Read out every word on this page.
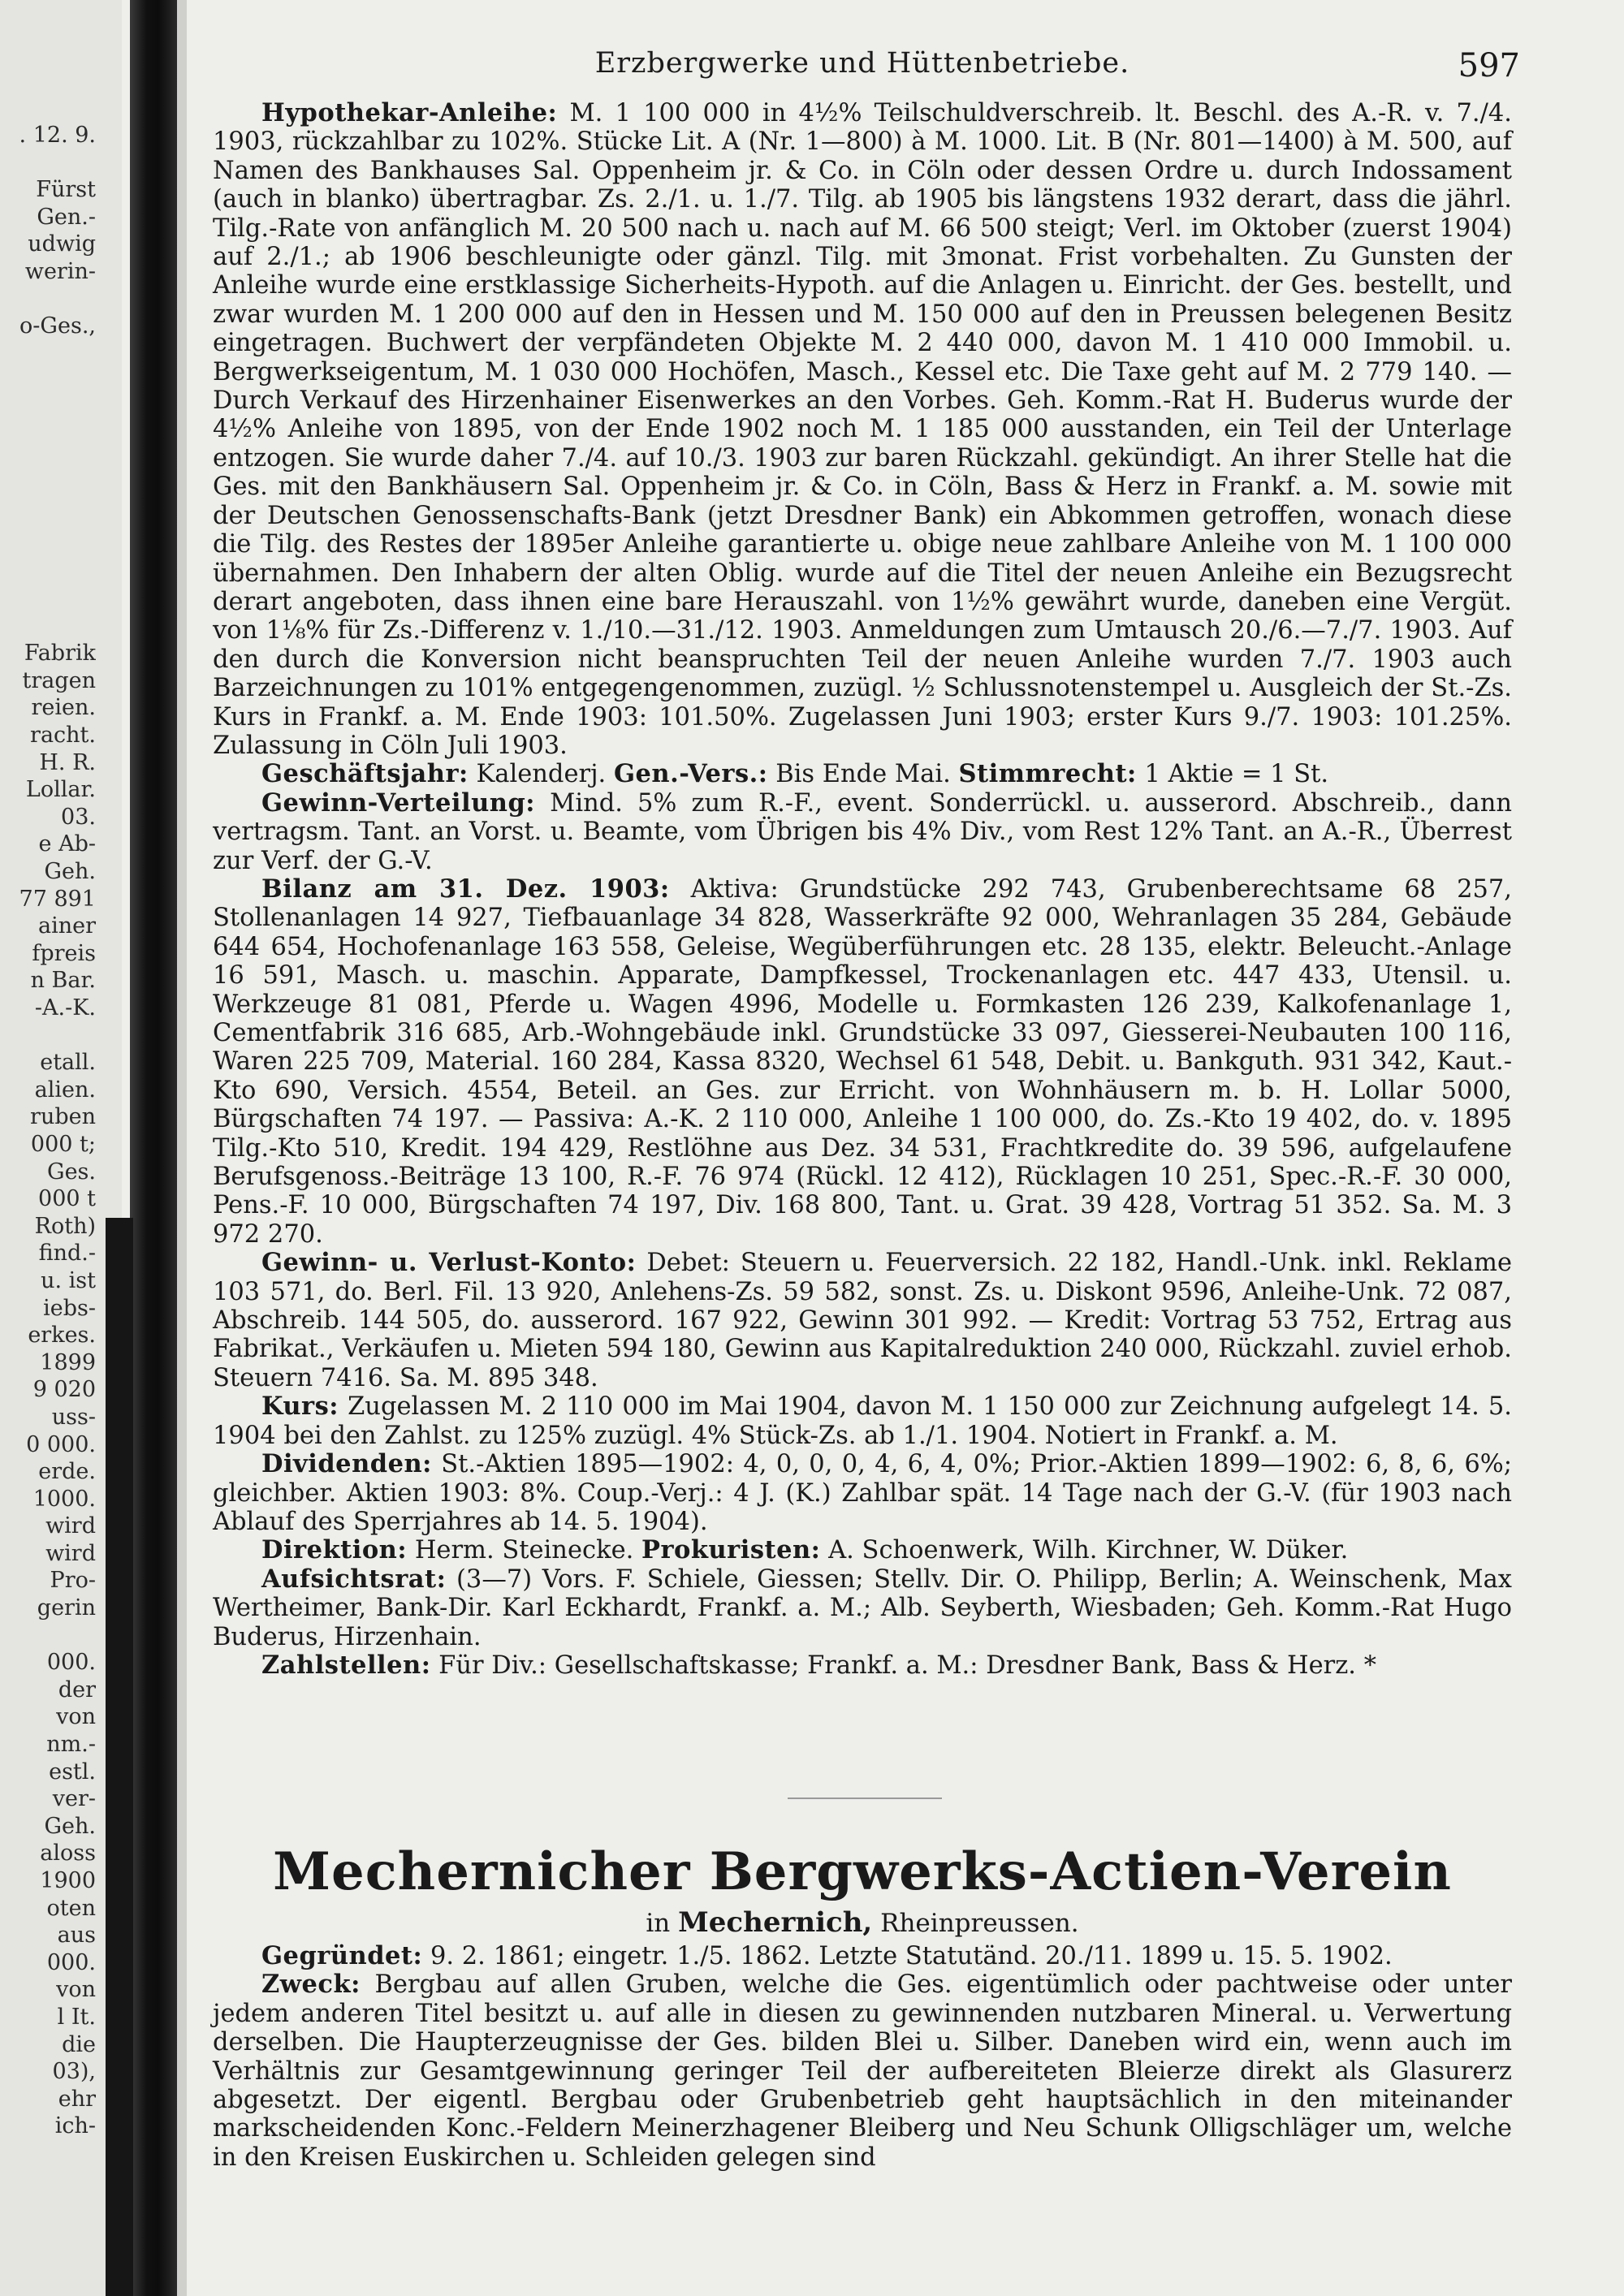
. 12. 9.
Fürst
Gen.-
udwig
werin-
o-Ges.,
Fabrik
tragen
reien.
racht.
H. R.
Lollar.
03.
e Ab-
Geh.
77 891
ainer
fpreis
n Bar.
-A.-K.
etall.
alien.
ruben
000 t;
Ges.
000 t
Roth)
find.-
u. ist
iebs-
erkes.
1899
9 020
uss-
0 000.
erde.
1000.
wird
wird
Pro-
gerin
000.
der
von
nm.-
estl.
ver-
Geh.
aloss
1900
oten
aus
000.
von
l It.
die
03),
ehr
ich-
Erzbergwerke und Hüttenbetriebe.	597

Hypothekar-Anleihe: M. 1 100 000 in 4½% Teilschuldverschreib. lt. Beschl. des A.-R. v. 7./4. 1903, rückzahlbar zu 102%. Stücke Lit. A (Nr. 1—800) à M. 1000. Lit. B (Nr. 801—1400) à M. 500, auf Namen des Bankhauses Sal. Oppenheim jr. & Co. in Cöln oder dessen Ordre u. durch Indossament (auch in blanko) übertragbar. Zs. 2./1. u. 1./7. Tilg. ab 1905 bis längstens 1932 derart, dass die jährl. Tilg.-Rate von anfänglich M. 20 500 nach u. nach auf M. 66 500 steigt; Verl. im Oktober (zuerst 1904) auf 2./1.; ab 1906 beschleunigte oder gänzl. Tilg. mit 3monat. Frist vorbehalten. Zu Gunsten der Anleihe wurde eine erstklassige Sicherheits-Hypoth. auf die Anlagen u. Einricht. der Ges. bestellt, und zwar wurden M. 1 200 000 auf den in Hessen und M. 150 000 auf den in Preussen belegenen Besitz eingetragen. Buchwert der verpfändeten Objekte M. 2 440 000, davon M. 1 410 000 Immobil. u. Bergwerkseigentum, M. 1 030 000 Hochöfen, Masch., Kessel etc. Die Taxe geht auf M. 2 779 140. — Durch Verkauf des Hirzenhainer Eisenwerkes an den Vorbes. Geh. Komm.-Rat H. Buderus wurde der 4½% Anleihe von 1895, von der Ende 1902 noch M. 1 185 000 ausstanden, ein Teil der Unterlage entzogen. Sie wurde daher 7./4. auf 10./3. 1903 zur baren Rückzahl. gekündigt. An ihrer Stelle hat die Ges. mit den Bankhäusern Sal. Oppenheim jr. & Co. in Cöln, Bass & Herz in Frankf. a. M. sowie mit der Deutschen Genossenschafts-Bank (jetzt Dresdner Bank) ein Abkommen getroffen, wonach diese die Tilg. des Restes der 1895er Anleihe garantierte u. obige neue zahlbare Anleihe von M. 1 100 000 übernahmen. Den Inhabern der alten Oblig. wurde auf die Titel der neuen Anleihe ein Bezugsrecht derart angeboten, dass ihnen eine bare Herauszahl. von 1½% gewährt wurde, daneben eine Vergüt. von 1⅛% für Zs.-Differenz v. 1./10.—31./12. 1903. Anmeldungen zum Umtausch 20./6.—7./7. 1903. Auf den durch die Konversion nicht beanspruchten Teil der neuen Anleihe wurden 7./7. 1903 auch Barzeichnungen zu 101% entgegengenommen, zuzügl. ½ Schlussnotenstempel u. Ausgleich der St.-Zs. Kurs in Frankf. a. M. Ende 1903: 101.50%. Zugelassen Juni 1903; erster Kurs 9./7. 1903: 101.25%. Zulassung in Cöln Juli 1903.

Geschäftsjahr: Kalenderj. Gen.-Vers.: Bis Ende Mai. Stimmrecht: 1 Aktie = 1 St.

Gewinn-Verteilung: Mind. 5% zum R.-F., event. Sonderrückl. u. ausserord. Abschreib., dann vertragsm. Tant. an Vorst. u. Beamte, vom Übrigen bis 4% Div., vom Rest 12% Tant. an A.-R., Überrest zur Verf. der G.-V.

Bilanz am 31. Dez. 1903: Aktiva: Grundstücke 292 743, Grubenberechtsame 68 257, Stollenanlagen 14 927, Tiefbauanlage 34 828, Wasserkräfte 92 000, Wehranlagen 35 284, Gebäude 644 654, Hochofenanlage 163 558, Geleise, Wegüberführungen etc. 28 135, elektr. Beleucht.-Anlage 16 591, Masch. u. maschin. Apparate, Dampfkessel, Trockenanlagen etc. 447 433, Utensil. u. Werkzeuge 81 081, Pferde u. Wagen 4996, Modelle u. Formkasten 126 239, Kalkofenanlage 1, Cementfabrik 316 685, Arb.-Wohngebäude inkl. Grundstücke 33 097, Giesserei-Neubauten 100 116, Waren 225 709, Material. 160 284, Kassa 8320, Wechsel 61 548, Debit. u. Bankguth. 931 342, Kaut.-Kto 690, Versich. 4554, Beteil. an Ges. zur Erricht. von Wohnhäusern m. b. H. Lollar 5000, Bürgschaften 74 197. — Passiva: A.-K. 2 110 000, Anleihe 1 100 000, do. Zs.-Kto 19 402, do. v. 1895 Tilg.-Kto 510, Kredit. 194 429, Restlöhne aus Dez. 34 531, Frachtkredite do. 39 596, aufgelaufene Berufsgenoss.-Beiträge 13 100, R.-F. 76 974 (Rückl. 12 412), Rücklagen 10 251, Spec.-R.-F. 30 000, Pens.-F. 10 000, Bürgschaften 74 197, Div. 168 800, Tant. u. Grat. 39 428, Vortrag 51 352. Sa. M. 3 972 270.

Gewinn- u. Verlust-Konto: Debet: Steuern u. Feuerversich. 22 182, Handl.-Unk. inkl. Reklame 103 571, do. Berl. Fil. 13 920, Anlehens-Zs. 59 582, sonst. Zs. u. Diskont 9596, Anleihe-Unk. 72 087, Abschreib. 144 505, do. ausserord. 167 922, Gewinn 301 992. — Kredit: Vortrag 53 752, Ertrag aus Fabrikat., Verkäufen u. Mieten 594 180, Gewinn aus Kapitalreduktion 240 000, Rückzahl. zuviel erhob. Steuern 7416. Sa. M. 895 348.

Kurs: Zugelassen M. 2 110 000 im Mai 1904, davon M. 1 150 000 zur Zeichnung aufgelegt 14. 5. 1904 bei den Zahlst. zu 125% zuzügl. 4% Stück-Zs. ab 1./1. 1904. Notiert in Frankf. a. M.

Dividenden: St.-Aktien 1895—1902: 4, 0, 0, 0, 4, 6, 4, 0%; Prior.-Aktien 1899—1902: 6, 8, 6, 6%; gleichber. Aktien 1903: 8%. Coup.-Verj.: 4 J. (K.) Zahlbar spät. 14 Tage nach der G.-V. (für 1903 nach Ablauf des Sperrjahres ab 14. 5. 1904).

Direktion: Herm. Steinecke. Prokuristen: A. Schoenwerk, Wilh. Kirchner, W. Düker.

Aufsichtsrat: (3—7) Vors. F. Schiele, Giessen; Stellv. Dir. O. Philipp, Berlin; A. Weinschenk, Max Wertheimer, Bank-Dir. Karl Eckhardt, Frankf. a. M.; Alb. Seyberth, Wiesbaden; Geh. Komm.-Rat Hugo Buderus, Hirzenhain.

Zahlstellen: Für Div.: Gesellschaftskasse; Frankf. a. M.: Dresdner Bank, Bass & Herz. *

Mechernicher Bergwerks-Actien-Verein
in Mechernich, Rheinpreussen.

Gegründet: 9. 2. 1861; eingetr. 1./5. 1862. Letzte Statutänd. 20./11. 1899 u. 15. 5. 1902.

Zweck: Bergbau auf allen Gruben, welche die Ges. eigentümlich oder pachtweise oder unter jedem anderen Titel besitzt u. auf alle in diesen zu gewinnenden nutzbaren Mineral. u. Verwertung derselben. Die Haupterzeugnisse der Ges. bilden Blei u. Silber. Daneben wird ein, wenn auch im Verhältnis zur Gesamtgewinnung geringer Teil der aufbereiteten Bleierze direkt als Glasurerz abgesetzt. Der eigentl. Bergbau oder Grubenbetrieb geht hauptsächlich in den miteinander markscheidenden Konc.-Feldern Meinerzhagener Bleiberg und Neu Schunk Olligschläger um, welche in den Kreisen Euskirchen u. Schleiden gelegen sind
